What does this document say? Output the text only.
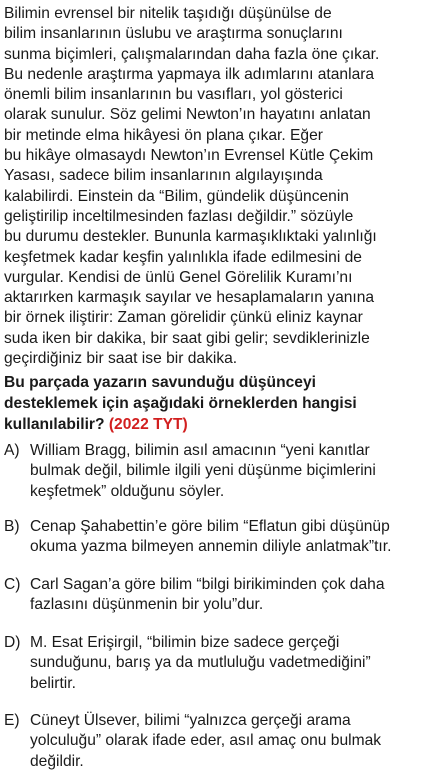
Bilimin evrensel bir nitelik taşıdığı düşünülse de
bilim insanlarının üslubu ve araştırma sonuçlarını
sunma biçimleri, çalışmalarından daha fazla öne çıkar.
Bu nedenle araştırma yapmaya ilk adımlarını atanlara
önemli bilim insanlarının bu vasıfları, yol gösterici
olarak sunulur. Söz gelimi Newton’ın hayatını anlatan
bir metinde elma hikâyesi ön plana çıkar. Eğer
bu hikâye olmasaydı Newton’ın Evrensel Kütle Çekim
Yasası, sadece bilim insanlarının algılayışında
kalabilirdi. Einstein da “Bilim, gündelik düşüncenin
geliştirilip inceltilmesinden fazlası değildir.” sözüyle
bu durumu destekler. Bununla karmaşıklıktaki yalınlığı
keşfetmek kadar keşfin yalınlıkla ifade edilmesini de
vurgular. Kendisi de ünlü Genel Görelilik Kuramı’nı
aktarırken karmaşık sayılar ve hesaplamaların yanına
bir örnek iliştirir: Zaman görelidir çünkü eliniz kaynar
suda iken bir dakika, bir saat gibi gelir; sevdiklerinizle
geçirdiğiniz bir saat ise bir dakika.
Bu parçada yazarın savunduğu düşünceyi
desteklemek için aşağıdaki örneklerden hangisi
kullanılabilir? (2022 TYT)
A) William Bragg, bilimin asıl amacının “yeni kanıtlar
bulmak değil, bilimle ilgili yeni düşünme biçimlerini
keşfetmek” olduğunu söyler.
B) Cenap Şahabettin’e göre bilim “Eflatun gibi düşünüp
okuma yazma bilmeyen annemin diliyle anlatmak”tır.
C) Carl Sagan’a göre bilim “bilgi birikiminden çok daha
fazlasını düşünmenin bir yolu”dur.
D) M. Esat Erişirgil, “bilimin bize sadece gerçeği
sunduğunu, barış ya da mutluluğu vadetmediğini”
belirtir.
E) Cüneyt Ülsever, bilimi “yalnızca gerçeği arama
yolculuğu” olarak ifade eder, asıl amaç onu bulmak
değildir.
